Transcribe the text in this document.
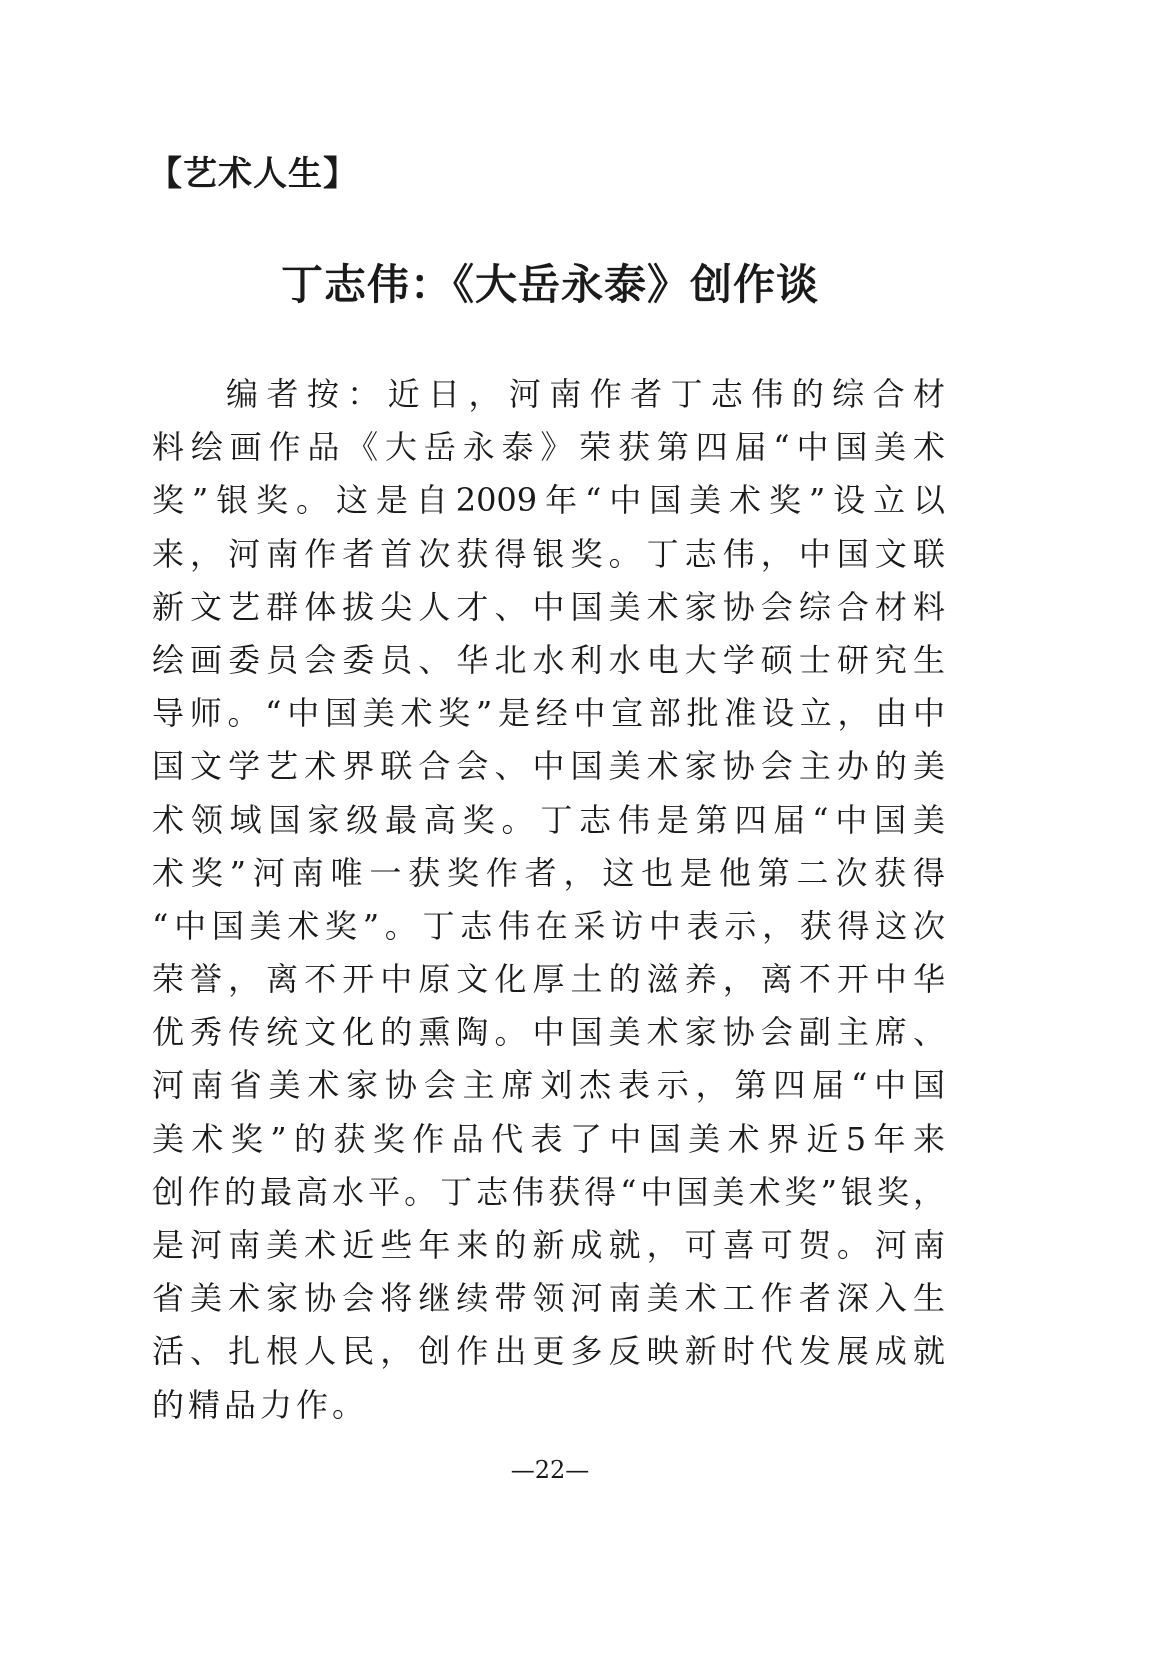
【艺术人生】
丁志伟：《大岳永泰》创作谈
编者按：近日，河南作者丁志伟的综合材
料绘画作品《大岳永泰》荣获第四届“中国美术
奖”银奖。这是自2009年“中国美术奖”设立以
来，河南作者首次获得银奖。丁志伟，中国文联
新文艺群体拔尖人才、中国美术家协会综合材料
绘画委员会委员、华北水利水电大学硕士研究生
导师。“中国美术奖”是经中宣部批准设立，由中
国文学艺术界联合会、中国美术家协会主办的美
术领域国家级最高奖。丁志伟是第四届“中国美
术奖”河南唯一获奖作者，这也是他第二次获得
“中国美术奖”。丁志伟在采访中表示，获得这次
荣誉，离不开中原文化厚土的滋养，离不开中华
优秀传统文化的熏陶。中国美术家协会副主席、
河南省美术家协会主席刘杰表示，第四届“中国
美术奖”的获奖作品代表了中国美术界近5年来
创作的最高水平。丁志伟获得“中国美术奖”银奖，
是河南美术近些年来的新成就，可喜可贺。河南
省美术家协会将继续带领河南美术工作者深入生
活、扎根人民，创作出更多反映新时代发展成就
的精品力作。
—22—
